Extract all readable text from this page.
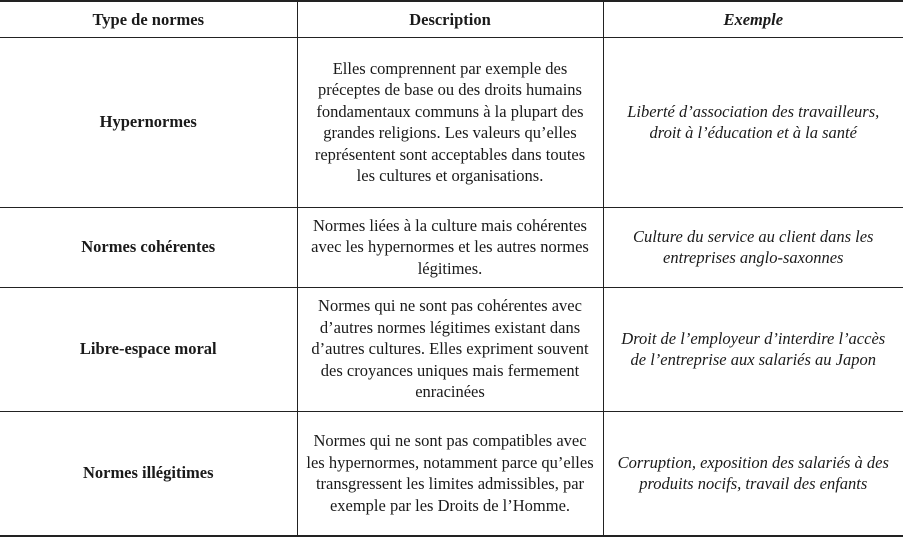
Type de normes	Description	Exemple
Hypernormes	Elles comprennent par exemple des préceptes de base ou des droits humains fondamentaux communs à la plupart des grandes religions. Les valeurs qu’elles représentent sont acceptables dans toutes les cultures et organisations.	Liberté d’association des travailleurs, droit à l’éducation et à la santé
Normes cohérentes	Normes liées à la culture mais cohérentes avec les hypernormes et les autres normes légitimes.	Culture du service au client dans les entreprises anglo-saxonnes
Libre-espace moral	Normes qui ne sont pas cohérentes avec d’autres normes légitimes existant dans d’autres cultures. Elles expriment souvent des croyances uniques mais fermement enracinées	Droit de l’employeur d’interdire l’accès de l’entreprise aux salariés au Japon
Normes illégitimes	Normes qui ne sont pas compatibles avec les hypernormes, notamment parce qu’elles transgressent les limites admissibles, par exemple par les Droits de l’Homme.	Corruption, exposition des salariés à des produits nocifs, travail des enfants
